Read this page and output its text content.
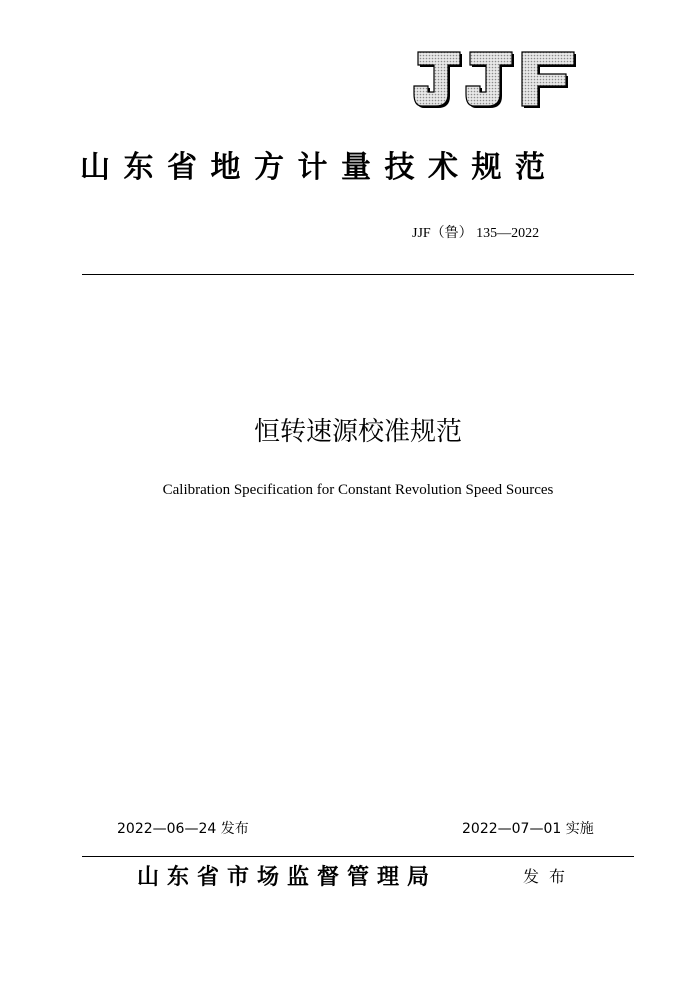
山东省地方计量技术规范
JJF（鲁） 135—2022
恒转速源校准规范
Calibration Specification for Constant Revolution Speed Sources
2022—06—24 发布	2022—07—01 实施
山东省市场监督管理局	发布
